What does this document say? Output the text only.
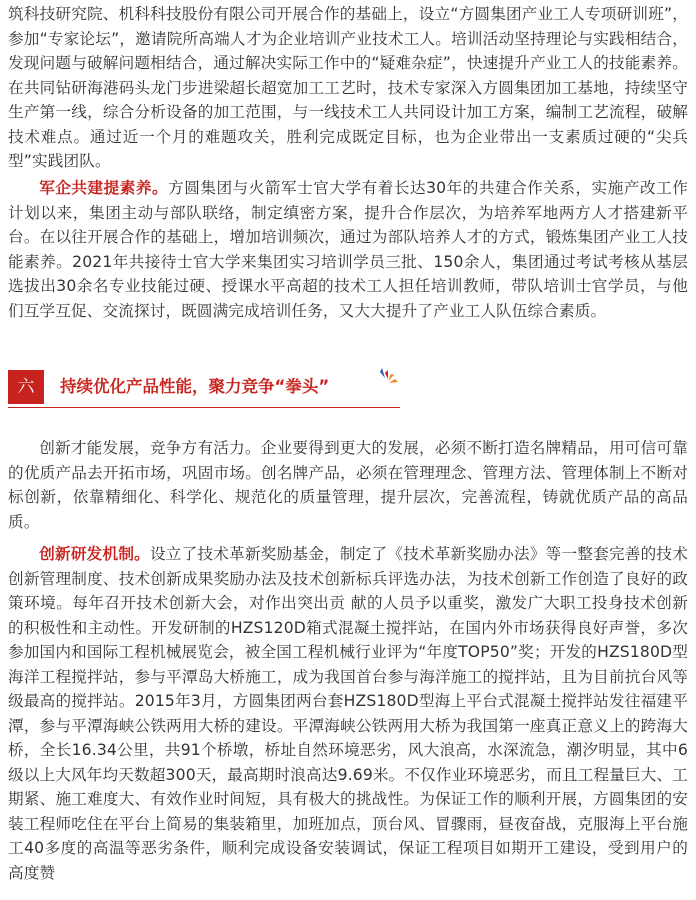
筑科技研究院、机科科技股份有限公司开展合作的基础上，设立“方圆集团产业工人专项研训班”，参加“专家论坛”，邀请院所高端人才为企业培训产业技术工人。培训活动坚持理论与实践相结合，发现问题与破解问题相结合，通过解决实际工作中的“疑难杂症”，快速提升产业工人的技能素养。在共同钻研海港码头龙门步进梁超长超宽加工工艺时，技术专家深入方圆集团加工基地，持续坚守生产第一线，综合分析设备的加工范围，与一线技术工人共同设计加工方案，编制工艺流程，破解技术难点。通过近一个月的难题攻关，胜利完成既定目标，也为企业带出一支素质过硬的“尖兵型”实践团队。

军企共建提素养。方圆集团与火箭军士官大学有着长达30年的共建合作关系，实施产改工作计划以来，集团主动与部队联络，制定缜密方案，提升合作层次，为培养军地两方人才搭建新平台。在以往开展合作的基础上，增加培训频次，通过为部队培养人才的方式，锻炼集团产业工人技能素养。2021年共接待士官大学来集团实习培训学员三批、150余人，集团通过考试考核从基层选拔出30余名专业技能过硬、授课水平高超的技术工人担任培训教师，带队培训士官学员，与他们互学互促、交流探讨，既圆满完成培训任务，又大大提升了产业工人队伍综合素质。

六	持续优化产品性能，聚力竞争“拳头”

创新才能发展，竞争方有活力。企业要得到更大的发展，必须不断打造名牌精品，用可信可靠的优质产品去开拓市场，巩固市场。创名牌产品，必须在管理理念、管理方法、管理体制上不断对标创新，依靠精细化、科学化、规范化的质量管理，提升层次，完善流程，铸就优质产品的高品质。

创新研发机制。设立了技术革新奖励基金，制定了《技术革新奖励办法》等一整套完善的技术创新管理制度、技术创新成果奖励办法及技术创新标兵评选办法，为技术创新工作创造了良好的政策环境。每年召开技术创新大会，对作出突出贡 献的人员予以重奖，激发广大职工投身技术创新的积极性和主动性。开发研制的HZS120D箱式混凝土搅拌站，在国内外市场获得良好声誉，多次参加国内和国际工程机械展览会，被全国工程机械行业评为“年度TOP50”奖；开发的HZS180D型海洋工程搅拌站，参与平潭岛大桥施工，成为我国首台参与海洋施工的搅拌站，且为目前抗台风等级最高的搅拌站。2015年3月，方圆集团两台套HZS180D型海上平台式混凝土搅拌站发往福建平潭，参与平潭海峡公铁两用大桥的建设。平潭海峡公铁两用大桥为我国第一座真正意义上的跨海大桥，全长16.34公里，共91个桥墩，桥址自然环境恶劣，风大浪高，水深流急，潮汐明显，其中6级以上大风年均天数超300天，最高期时浪高达9.69米。不仅作业环境恶劣，而且工程量巨大、工期紧、施工难度大、有效作业时间短，具有极大的挑战性。为保证工作的顺利开展，方圆集团的安装工程师吃住在平台上简易的集装箱里，加班加点，顶台风、冒骤雨，昼夜奋战，克服海上平台施工40多度的高温等恶劣条件，顺利完成设备安装调试，保证工程项目如期开工建设，受到用户的高度赞
